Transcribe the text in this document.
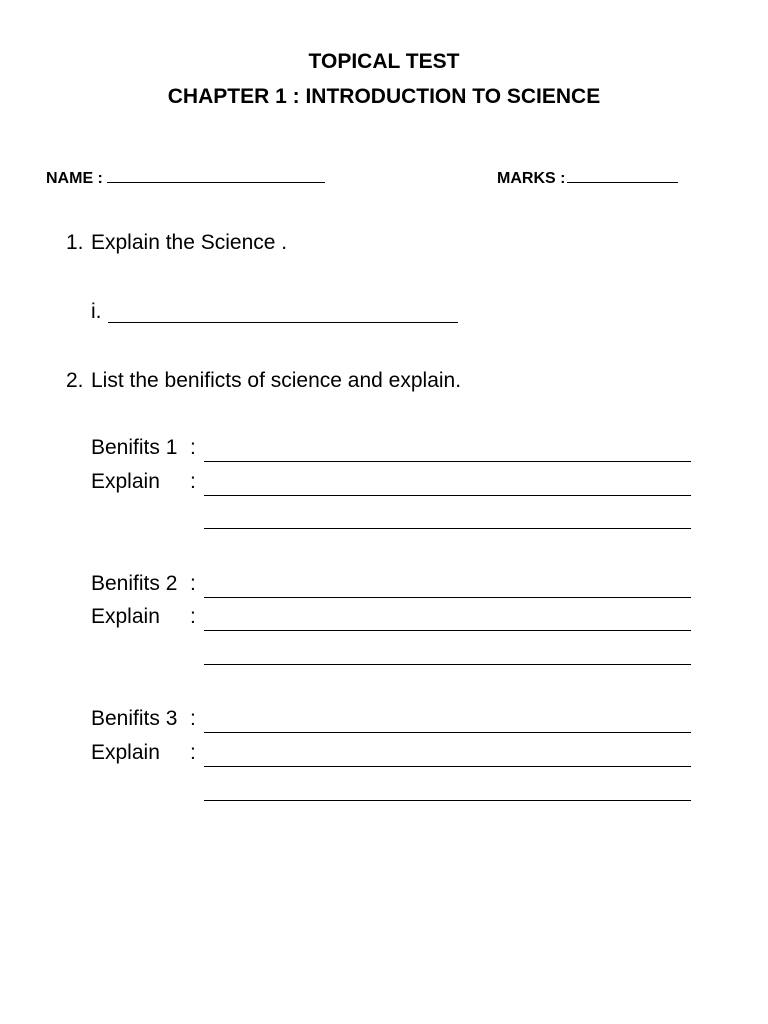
TOPICAL TEST
CHAPTER 1 : INTRODUCTION TO SCIENCE
NAME :	MARKS :
1. Explain the Science .
i.
2. List the benificts of science and explain.
Benifits 1 :
Explain :
Benifits 2 :
Explain :
Benifits 3 :
Explain :
